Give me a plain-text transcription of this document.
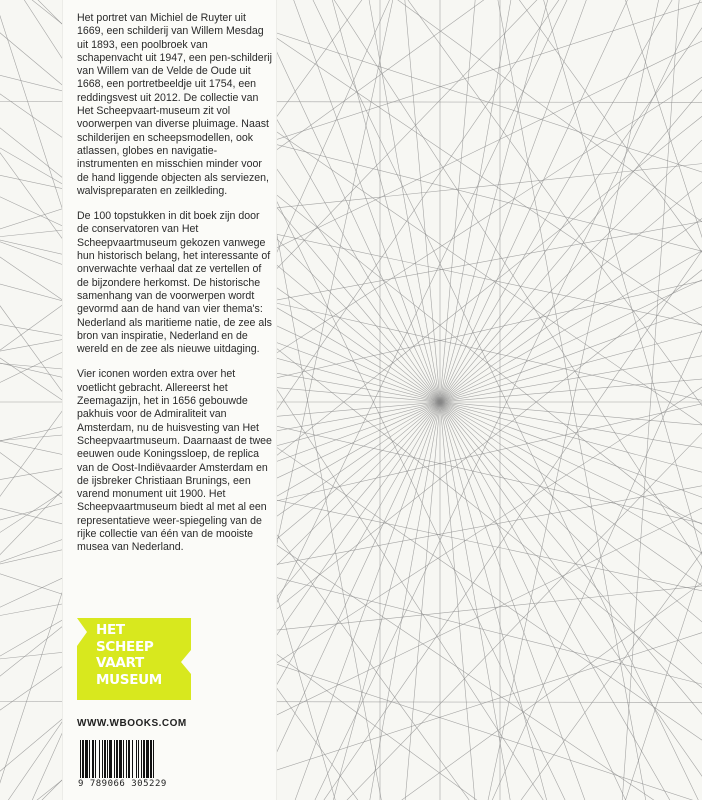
Het portret van Michiel de Ruyter uit 1669, een schilderij van Willem Mesdag uit 1893, een poolbroek van schapenvacht uit 1947, een pen-schilderij van Willem van de Velde de Oude uit 1668, een portretbeeldje uit 1754, een reddingsvest uit 2012. De collectie van Het Scheepvaart-museum zit vol voorwerpen van diverse pluimage. Naast schilderijen en scheepsmodellen, ook atlassen, globes en navigatie-instrumenten en misschien minder voor de hand liggende objecten als serviezen, walvispreparaten en zeilkleding.

De 100 topstukken in dit boek zijn door de conservatoren van Het Scheepvaartmuseum gekozen vanwege hun historisch belang, het interessante of onverwachte verhaal dat ze vertellen of de bijzondere herkomst. De historische samenhang van de voorwerpen wordt gevormd aan de hand van vier thema's: Nederland als maritieme natie, de zee als bron van inspiratie, Nederland en de wereld en de zee als nieuwe uitdaging.

Vier iconen worden extra over het voetlicht gebracht. Allereerst het Zeemagazijn, het in 1656 gebouwde pakhuis voor de Admiraliteit van Amsterdam, nu de huisvesting van Het Scheepvaartmuseum. Daarnaast de twee eeuwen oude Koningssloep, de replica van de Oost-Indiëvaarder Amsterdam en de ijsbreker Christiaan Brunings, een varend monument uit 1900. Het Scheepvaartmuseum biedt al met al een representatieve weer-spiegeling van de rijke collectie van één van de mooiste musea van Nederland.

HET
SCHEEP
VAART
MUSEUM
WWW.WBOOKS.COM
9 789066 305229
